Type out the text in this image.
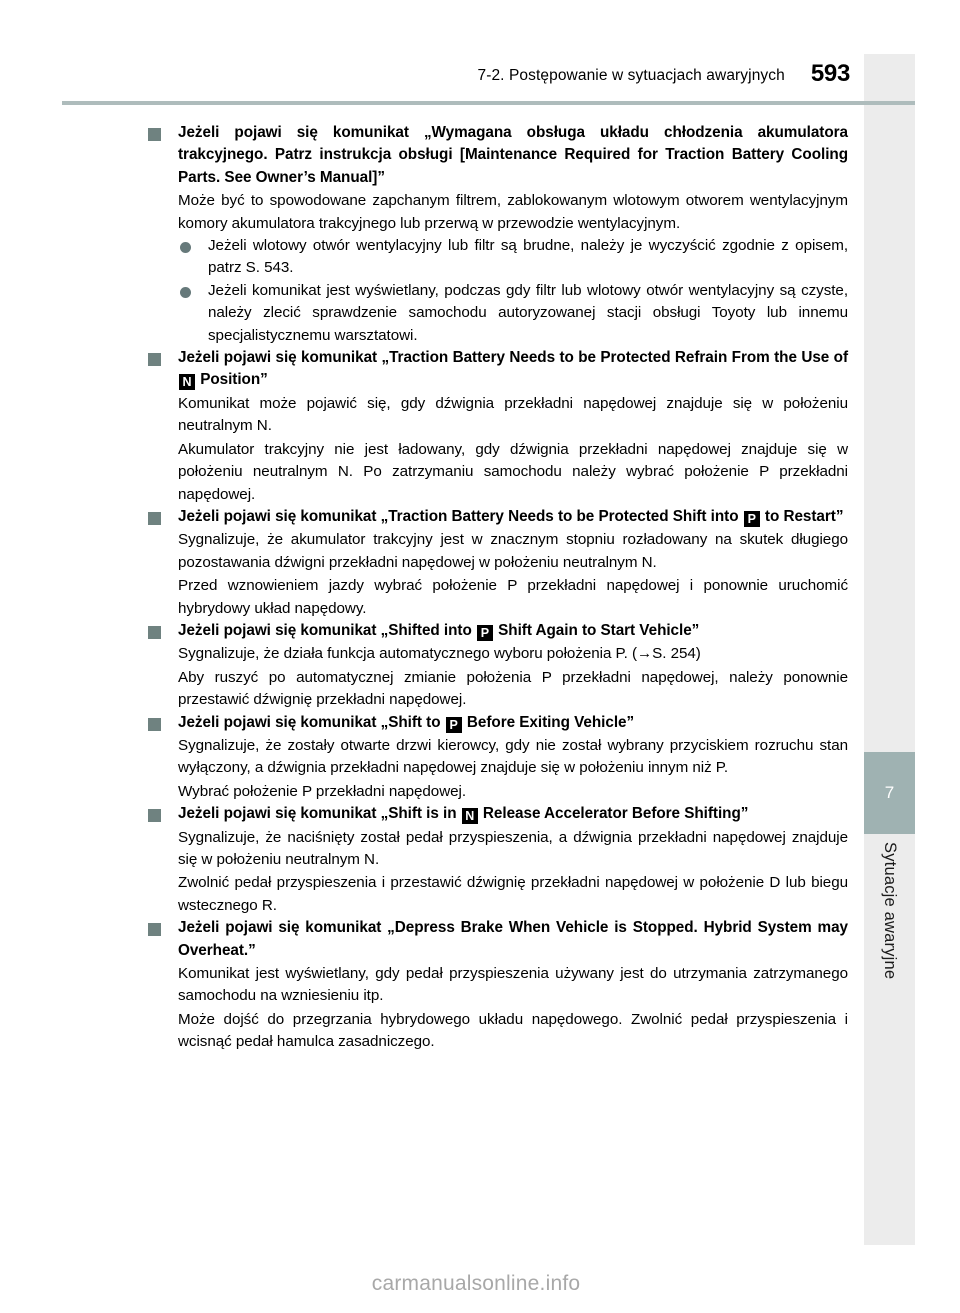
7-2. Postępowanie w sytuacjach awaryjnych 593
7
Sytuacje awaryjne
Jeżeli pojawi się komunikat „Wymagana obsługa układu chłodzenia akumulatora trakcyjnego. Patrz instrukcja obsługi [Maintenance Required for Traction Battery Cooling Parts. See Owner’s Manual]”
Może być to spowodowane zapchanym filtrem, zablokowanym wlotowym otworem wentylacyjnym komory akumulatora trakcyjnego lub przerwą w przewodzie wentylacyjnym.
Jeżeli wlotowy otwór wentylacyjny lub filtr są brudne, należy je wyczyścić zgodnie z opisem, patrz S. 543.
Jeżeli komunikat jest wyświetlany, podczas gdy filtr lub wlotowy otwór wentylacyjny są czyste, należy zlecić sprawdzenie samochodu autoryzowanej stacji obsługi Toyoty lub innemu specjalistycznemu warsztatowi.
Jeżeli pojawi się komunikat „Traction Battery Needs to be Protected Refrain From the Use of N Position”
Komunikat może pojawić się, gdy dźwignia przekładni napędowej znajduje się w położeniu neutralnym N.
Akumulator trakcyjny nie jest ładowany, gdy dźwignia przekładni napędowej znajduje się w położeniu neutralnym N. Po zatrzymaniu samochodu należy wybrać położenie P przekładni napędowej.
Jeżeli pojawi się komunikat „Traction Battery Needs to be Protected Shift into P to Restart”
Sygnalizuje, że akumulator trakcyjny jest w znacznym stopniu rozładowany na skutek długiego pozostawania dźwigni przekładni napędowej w położeniu neutralnym N.
Przed wznowieniem jazdy wybrać położenie P przekładni napędowej i ponownie uruchomić hybrydowy układ napędowy.
Jeżeli pojawi się komunikat „Shifted into P Shift Again to Start Vehicle”
Sygnalizuje, że działa funkcja automatycznego wyboru położenia P. (→S. 254)
Aby ruszyć po automatycznej zmianie położenia P przekładni napędowej, należy ponownie przestawić dźwignię przekładni napędowej.
Jeżeli pojawi się komunikat „Shift to P Before Exiting Vehicle”
Sygnalizuje, że zostały otwarte drzwi kierowcy, gdy nie został wybrany przyciskiem rozruchu stan wyłączony, a dźwignia przekładni napędowej znajduje się w położeniu innym niż P.
Wybrać położenie P przekładni napędowej.
Jeżeli pojawi się komunikat „Shift is in N Release Accelerator Before Shifting”
Sygnalizuje, że naciśnięty został pedał przyspieszenia, a dźwignia przekładni napędowej znajduje się w położeniu neutralnym N.
Zwolnić pedał przyspieszenia i przestawić dźwignię przekładni napędowej w położenie D lub biegu wstecznego R.
Jeżeli pojawi się komunikat „Depress Brake When Vehicle is Stopped. Hybrid System may Overheat.”
Komunikat jest wyświetlany, gdy pedał przyspieszenia używany jest do utrzymania zatrzymanego samochodu na wzniesieniu itp.
Może dojść do przegrzania hybrydowego układu napędowego. Zwolnić pedał przyspieszenia i wcisnąć pedał hamulca zasadniczego.
carmanualsonline.info
